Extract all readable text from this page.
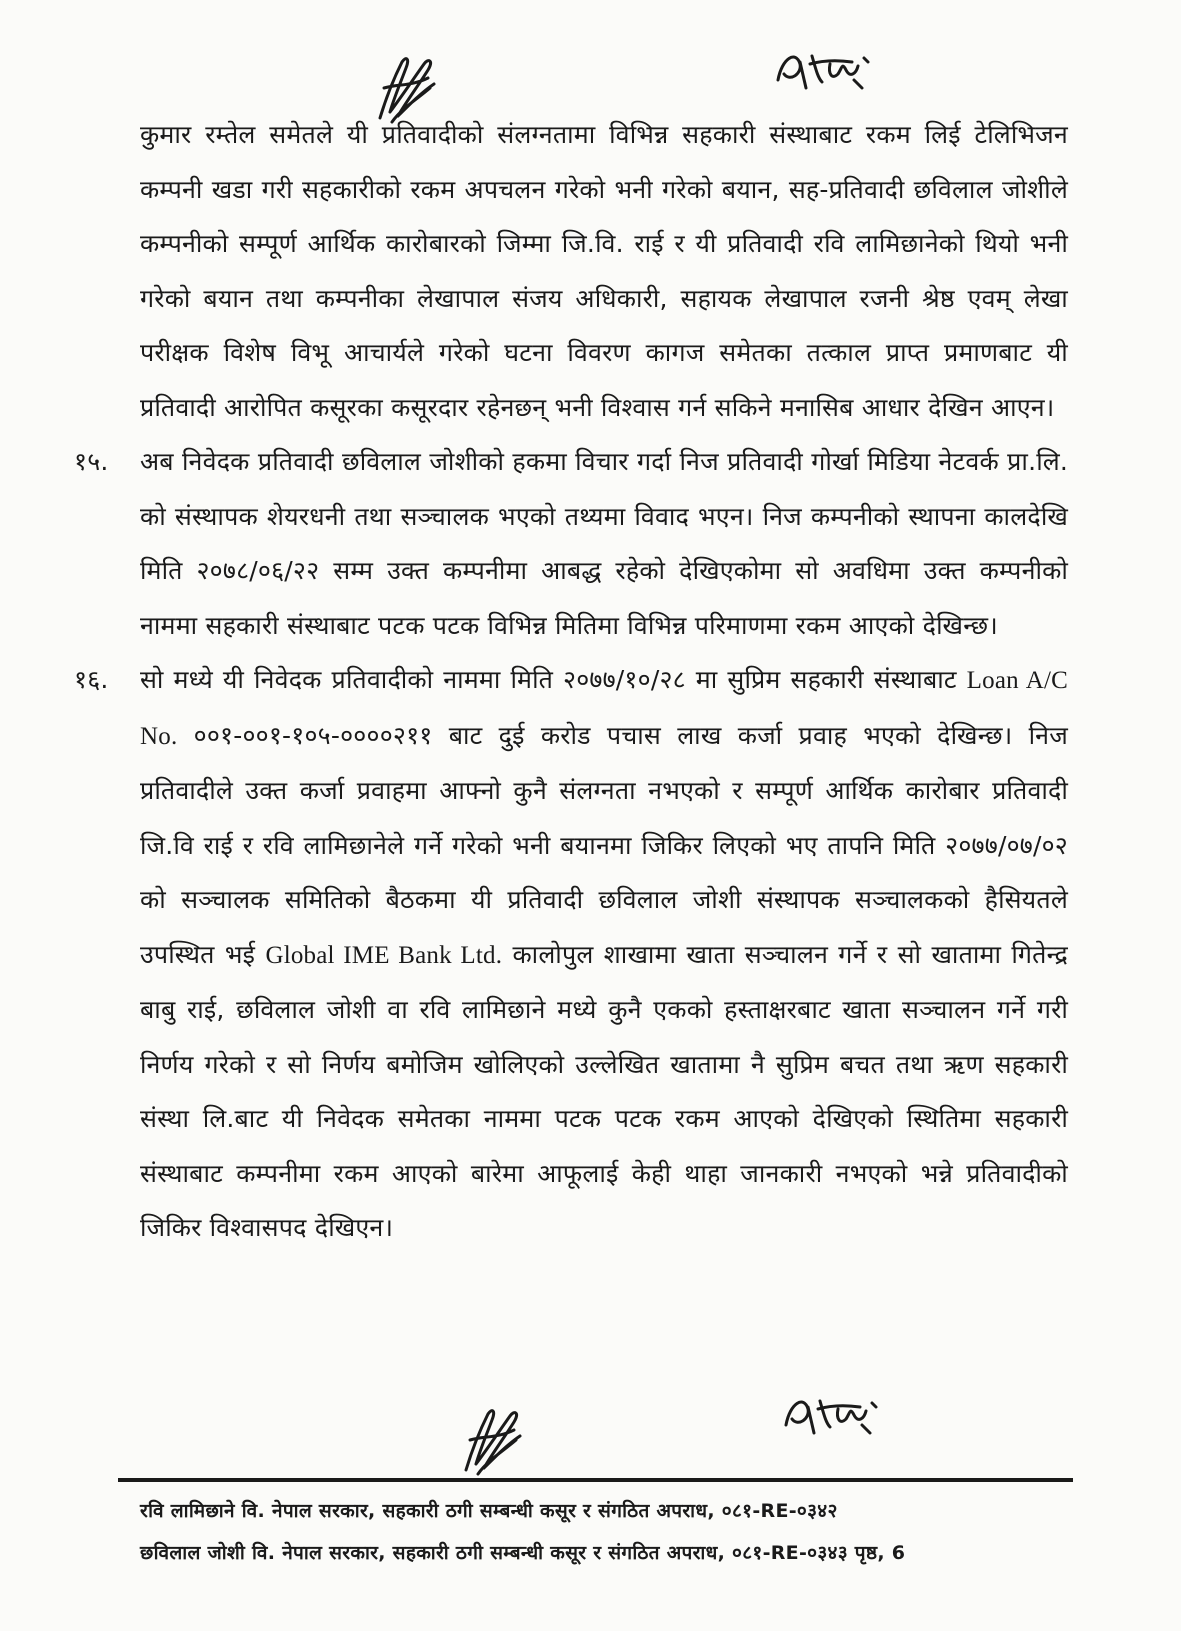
कुमार रम्तेल समेतले यी प्रतिवादीको संलग्नतामा विभिन्न सहकारी संस्थाबाट रकम लिई टेलिभिजन कम्पनी खडा गरी सहकारीको रकम अपचलन गरेको भनी गरेको बयान, सह-प्रतिवादी छविलाल जोशीले कम्पनीको सम्पूर्ण आर्थिक कारोबारको जिम्मा जि.वि. राई र यी प्रतिवादी रवि लामिछानेको थियो भनी गरेको बयान तथा कम्पनीका लेखापाल संजय अधिकारी, सहायक लेखापाल रजनी श्रेष्ठ एवम् लेखा परीक्षक विशेष विभू आचार्यले गरेको घटना विवरण कागज समेतका तत्काल प्राप्त प्रमाणबाट यी प्रतिवादी आरोपित कसूरका कसूरदार रहेनछन् भनी विश्वास गर्न सकिने मनासिब आधार देखिन आएन।

१५. अब निवेदक प्रतिवादी छविलाल जोशीको हकमा विचार गर्दा निज प्रतिवादी गोर्खा मिडिया नेटवर्क प्रा.लि. को संस्थापक शेयरधनी तथा सञ्चालक भएको तथ्यमा विवाद भएन। निज कम्पनीको स्थापना कालदेखि मिति २०७८/०६/२२ सम्म उक्त कम्पनीमा आबद्ध रहेको देखिएकोमा सो अवधिमा उक्त कम्पनीको नाममा सहकारी संस्थाबाट पटक पटक विभिन्न मितिमा विभिन्न परिमाणमा रकम आएको देखिन्छ।

१६. सो मध्ये यी निवेदक प्रतिवादीको नाममा मिति २०७७/१०/२८ मा सुप्रिम सहकारी संस्थाबाट Loan A/C No. ००१-००१-१०५-००००२११ बाट दुई करोड पचास लाख कर्जा प्रवाह भएको देखिन्छ। निज प्रतिवादीले उक्त कर्जा प्रवाहमा आफ्नो कुनै संलग्नता नभएको र सम्पूर्ण आर्थिक कारोबार प्रतिवादी जि.वि राई र रवि लामिछानेले गर्ने गरेको भनी बयानमा जिकिर लिएको भए तापनि मिति २०७७/०७/०२ को सञ्चालक समितिको बैठकमा यी प्रतिवादी छविलाल जोशी संस्थापक सञ्चालकको हैसियतले उपस्थित भई Global IME Bank Ltd. कालोपुल शाखामा खाता सञ्चालन गर्ने र सो खातामा गितेन्द्र बाबु राई, छविलाल जोशी वा रवि लामिछाने मध्ये कुनै एकको हस्ताक्षरबाट खाता सञ्चालन गर्ने गरी निर्णय गरेको र सो निर्णय बमोजिम खोलिएको उल्लेखित खातामा नै सुप्रिम बचत तथा ऋण सहकारी संस्था लि.बाट यी निवेदक समेतका नाममा पटक पटक रकम आएको देखिएको स्थितिमा सहकारी संस्थाबाट कम्पनीमा रकम आएको बारेमा आफूलाई केही थाहा जानकारी नभएको भन्ने प्रतिवादीको जिकिर विश्वासपद देखिएन।

रवि लामिछाने वि. नेपाल सरकार, सहकारी ठगी सम्बन्धी कसूर र संगठित अपराध, ०८१-RE-०३४२
छविलाल जोशी वि. नेपाल सरकार, सहकारी ठगी सम्बन्धी कसूर र संगठित अपराध, ०८१-RE-०३४३ पृष्ठ, 6
